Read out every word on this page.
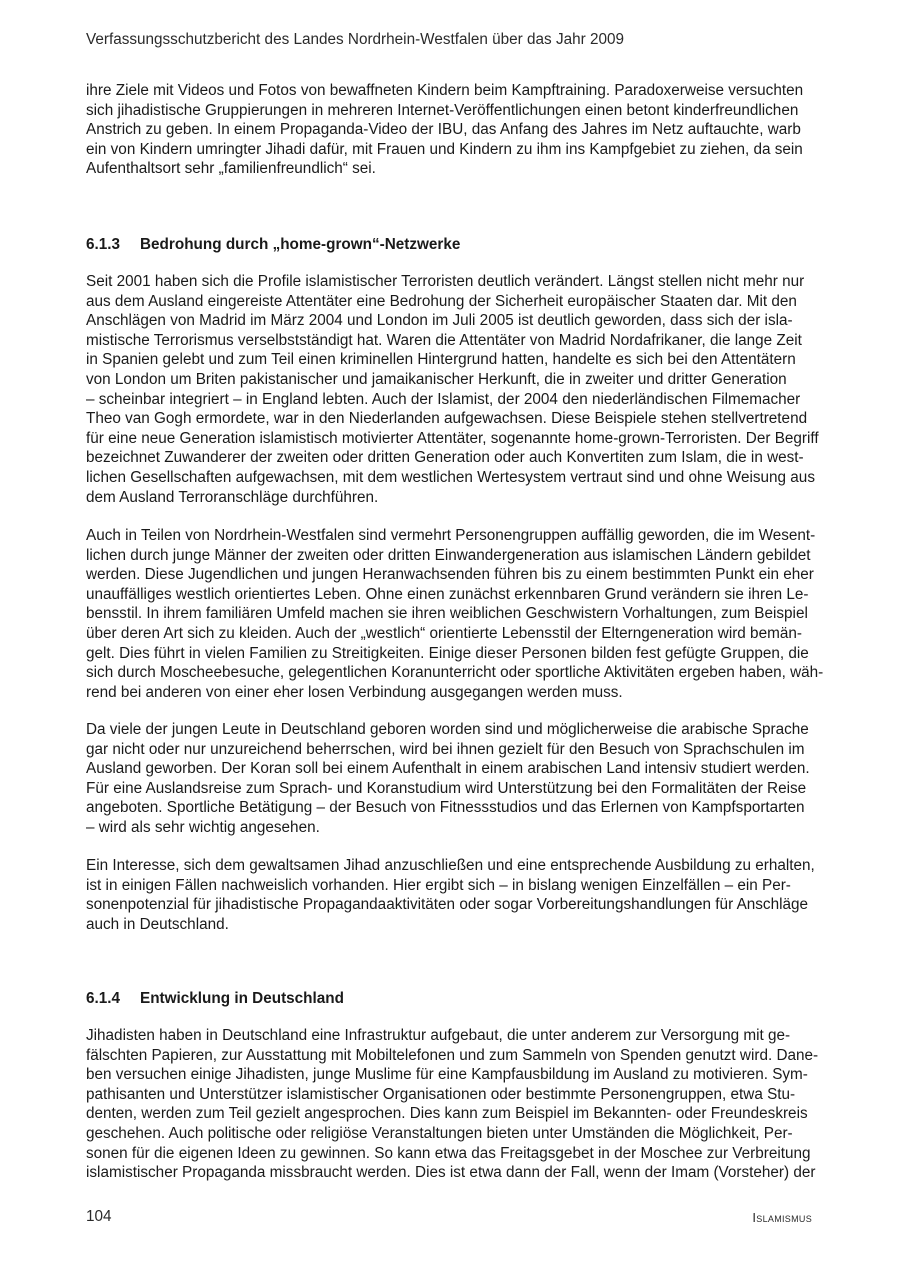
Verfassungsschutzbericht des Landes Nordrhein-Westfalen über das Jahr 2009
ihre Ziele mit Videos und Fotos von bewaffneten Kindern beim Kampftraining. Paradoxerweise versuchten
sich jihadistische Gruppierungen in mehreren Internet-Veröffentlichungen einen betont kinderfreundlichen
Anstrich zu geben. In einem Propaganda-Video der IBU, das Anfang des Jahres im Netz auftauchte, warb
ein von Kindern umringter Jihadi dafür, mit Frauen und Kindern zu ihm ins Kampfgebiet zu ziehen, da sein
Aufenthaltsort sehr „familienfreundlich“ sei.
6.1.3 Bedrohung durch „home-grown“-Netzwerke
Seit 2001 haben sich die Profile islamistischer Terroristen deutlich verändert. Längst stellen nicht mehr nur
aus dem Ausland eingereiste Attentäter eine Bedrohung der Sicherheit europäischer Staaten dar. Mit den
Anschlägen von Madrid im März 2004 und London im Juli 2005 ist deutlich geworden, dass sich der isla-
mistische Terrorismus verselbstständigt hat. Waren die Attentäter von Madrid Nordafrikaner, die lange Zeit
in Spanien gelebt und zum Teil einen kriminellen Hintergrund hatten, handelte es sich bei den Attentätern
von London um Briten pakistanischer und jamaikanischer Herkunft, die in zweiter und dritter Generation
– scheinbar integriert – in England lebten. Auch der Islamist, der 2004 den niederländischen Filmemacher
Theo van Gogh ermordete, war in den Niederlanden aufgewachsen. Diese Beispiele stehen stellvertretend
für eine neue Generation islamistisch motivierter Attentäter, sogenannte home-grown-Terroristen. Der Begriff
bezeichnet Zuwanderer der zweiten oder dritten Generation oder auch Konvertiten zum Islam, die in west-
lichen Gesellschaften aufgewachsen, mit dem westlichen Wertesystem vertraut sind und ohne Weisung aus
dem Ausland Terroranschläge durchführen.
Auch in Teilen von Nordrhein-Westfalen sind vermehrt Personengruppen auffällig geworden, die im Wesent-
lichen durch junge Männer der zweiten oder dritten Einwandergeneration aus islamischen Ländern gebildet
werden. Diese Jugendlichen und jungen Heranwachsenden führen bis zu einem bestimmten Punkt ein eher
unauffälliges westlich orientiertes Leben. Ohne einen zunächst erkennbaren Grund verändern sie ihren Le-
bensstil. In ihrem familiären Umfeld machen sie ihren weiblichen Geschwistern Vorhaltungen, zum Beispiel
über deren Art sich zu kleiden. Auch der „westlich“ orientierte Lebensstil der Elterngeneration wird bemän-
gelt. Dies führt in vielen Familien zu Streitigkeiten. Einige dieser Personen bilden fest gefügte Gruppen, die
sich durch Moscheebesuche, gelegentlichen Koranunterricht oder sportliche Aktivitäten ergeben haben, wäh-
rend bei anderen von einer eher losen Verbindung ausgegangen werden muss.
Da viele der jungen Leute in Deutschland geboren worden sind und möglicherweise die arabische Sprache
gar nicht oder nur unzureichend beherrschen, wird bei ihnen gezielt für den Besuch von Sprachschulen im
Ausland geworben. Der Koran soll bei einem Aufenthalt in einem arabischen Land intensiv studiert werden.
Für eine Auslandsreise zum Sprach- und Koranstudium wird Unterstützung bei den Formalitäten der Reise
angeboten. Sportliche Betätigung – der Besuch von Fitnessstudios und das Erlernen von Kampfsportarten
– wird als sehr wichtig angesehen.
Ein Interesse, sich dem gewaltsamen Jihad anzuschließen und eine entsprechende Ausbildung zu erhalten,
ist in einigen Fällen nachweislich vorhanden. Hier ergibt sich – in bislang wenigen Einzelfällen – ein Per-
sonenpotenzial für jihadistische Propagandaaktivitäten oder sogar Vorbereitungshandlungen für Anschläge
auch in Deutschland.
6.1.4 Entwicklung in Deutschland
Jihadisten haben in Deutschland eine Infrastruktur aufgebaut, die unter anderem zur Versorgung mit ge-
fälschten Papieren, zur Ausstattung mit Mobiltelefonen und zum Sammeln von Spenden genutzt wird. Dane-
ben versuchen einige Jihadisten, junge Muslime für eine Kampfausbildung im Ausland zu motivieren. Sym-
pathisanten und Unterstützer islamistischer Organisationen oder bestimmte Personengruppen, etwa Stu-
denten, werden zum Teil gezielt angesprochen. Dies kann zum Beispiel im Bekannten- oder Freundeskreis
geschehen. Auch politische oder religiöse Veranstaltungen bieten unter Umständen die Möglichkeit, Per-
sonen für die eigenen Ideen zu gewinnen. So kann etwa das Freitagsgebet in der Moschee zur Verbreitung
islamistischer Propaganda missbraucht werden. Dies ist etwa dann der Fall, wenn der Imam (Vorsteher) der
104	Islamismus
